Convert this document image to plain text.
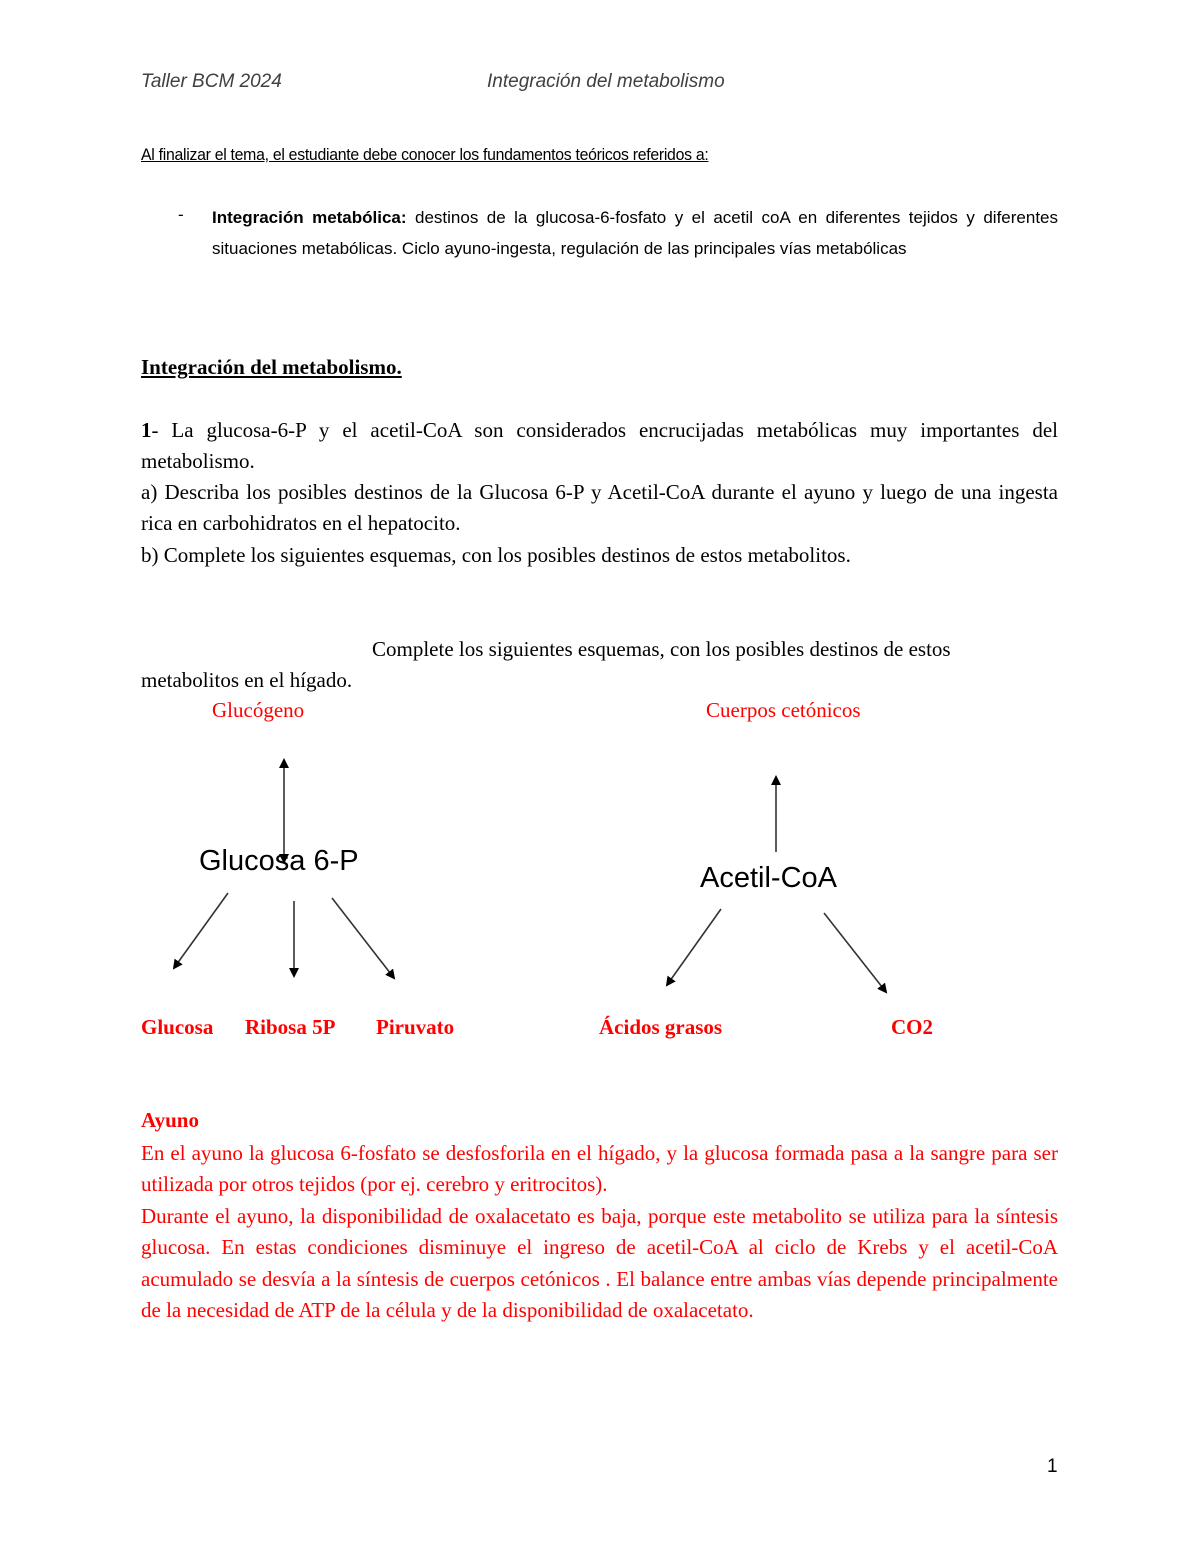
Taller BCM 2024	Integración del metabolismo
Al finalizar el tema, el estudiante debe conocer los fundamentos teóricos referidos a:
- Integración metabólica: destinos de la glucosa-6-fosfato y el acetil coA en diferentes tejidos y diferentes situaciones metabólicas. Ciclo ayuno-ingesta, regulación de las principales vías metabólicas
Integración del metabolismo.
1- La glucosa-6-P y el acetil-CoA son considerados encrucijadas metabólicas muy importantes del metabolismo.
a) Describa los posibles destinos de la Glucosa 6-P y Acetil-CoA durante el ayuno y luego de una ingesta rica en carbohidratos en el hepatocito.
b) Complete los siguientes esquemas, con los posibles destinos de estos metabolitos.
Complete los siguientes esquemas, con los posibles destinos de estos
metabolitos en el hígado.
Glucógeno	Cuerpos cetónicos
Glucosa 6-P
Acetil-CoA
Glucosa Ribosa 5P Piruvato	Ácidos grasos	CO2
Ayuno
En el ayuno la glucosa 6-fosfato se desfosforila en el hígado, y la glucosa formada pasa a la sangre para ser utilizada por otros tejidos (por ej. cerebro y eritrocitos).
Durante el ayuno, la disponibilidad de oxalacetato es baja, porque este metabolito se utiliza para la síntesis glucosa. En estas condiciones disminuye el ingreso de acetil-CoA al ciclo de Krebs y el acetil-CoA acumulado se desvía a la síntesis de cuerpos cetónicos . El balance entre ambas vías depende principalmente de la necesidad de ATP de la célula y de la disponibilidad de oxalacetato.
1
